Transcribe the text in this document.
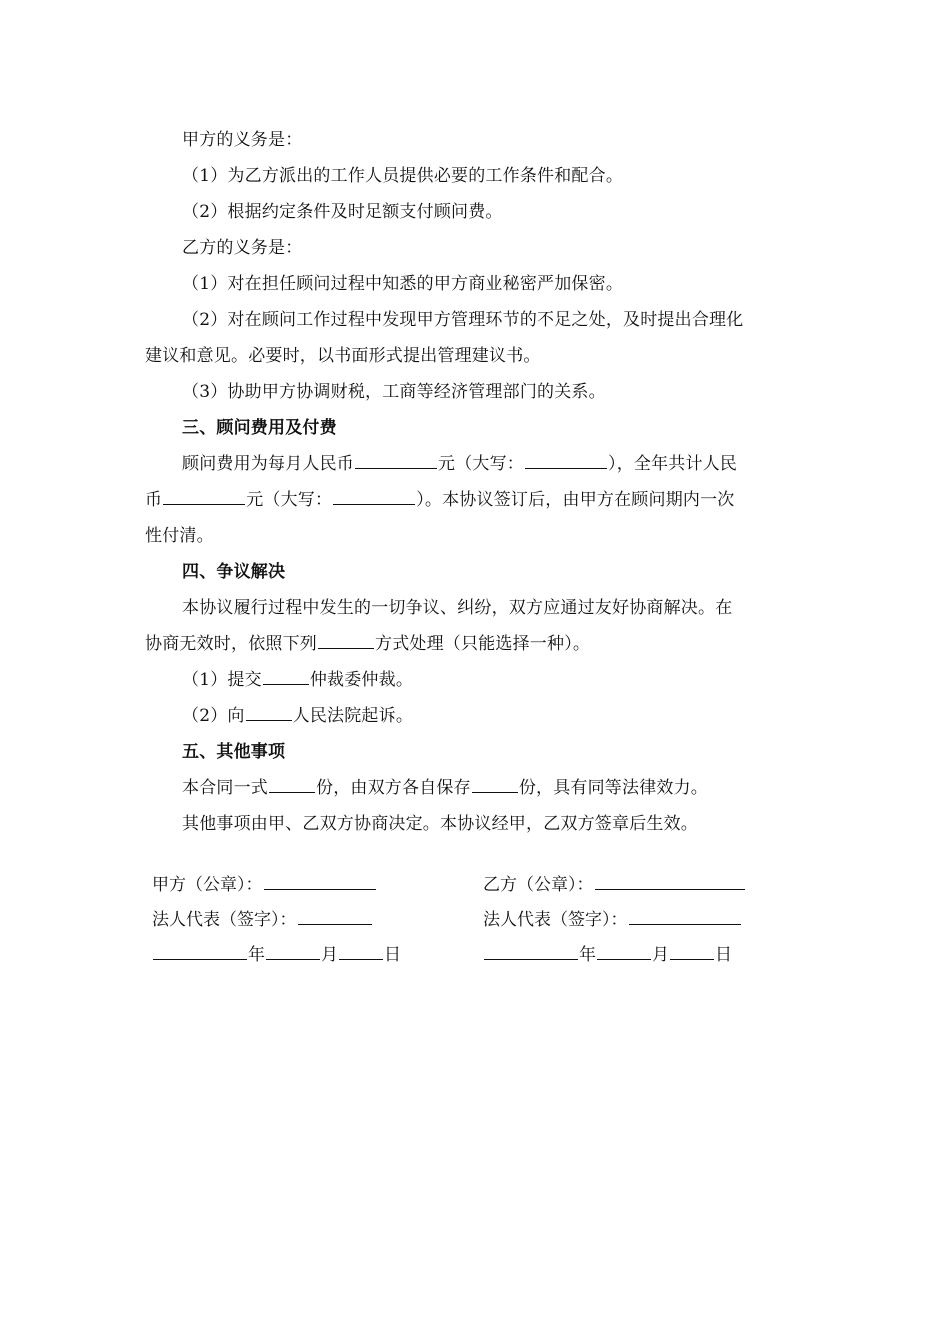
甲方的义务是：
（1）为乙方派出的工作人员提供必要的工作条件和配合。
（2）根据约定条件及时足额支付顾问费。
乙方的义务是：
（1）对在担任顾问过程中知悉的甲方商业秘密严加保密。
（2）对在顾问工作过程中发现甲方管理环节的不足之处，及时提出合理化
建议和意见。必要时，以书面形式提出管理建议书。
（3）协助甲方协调财税，工商等经济管理部门的关系。
三、顾问费用及付费
顾问费用为每月人民币	元（大写：	），全年共计人民
币	元（大写：	）。本协议签订后，由甲方在顾问期内一次
性付清。
四、争议解决
本协议履行过程中发生的一切争议、纠纷，双方应通过友好协商解决。在
协商无效时，依照下列	方式处理（只能选择一种）。
（1）提交	仲裁委仲裁。
（2）向	人民法院起诉。
五、其他事项
本合同一式	份，由双方各自保存	份，具有同等法律效力。
其他事项由甲、乙双方协商决定。本协议经甲，乙双方签章后生效。
甲方（公章）：	乙方（公章）：
法人代表（签字）：	法人代表（签字）：
年	月	日	年	月	日
